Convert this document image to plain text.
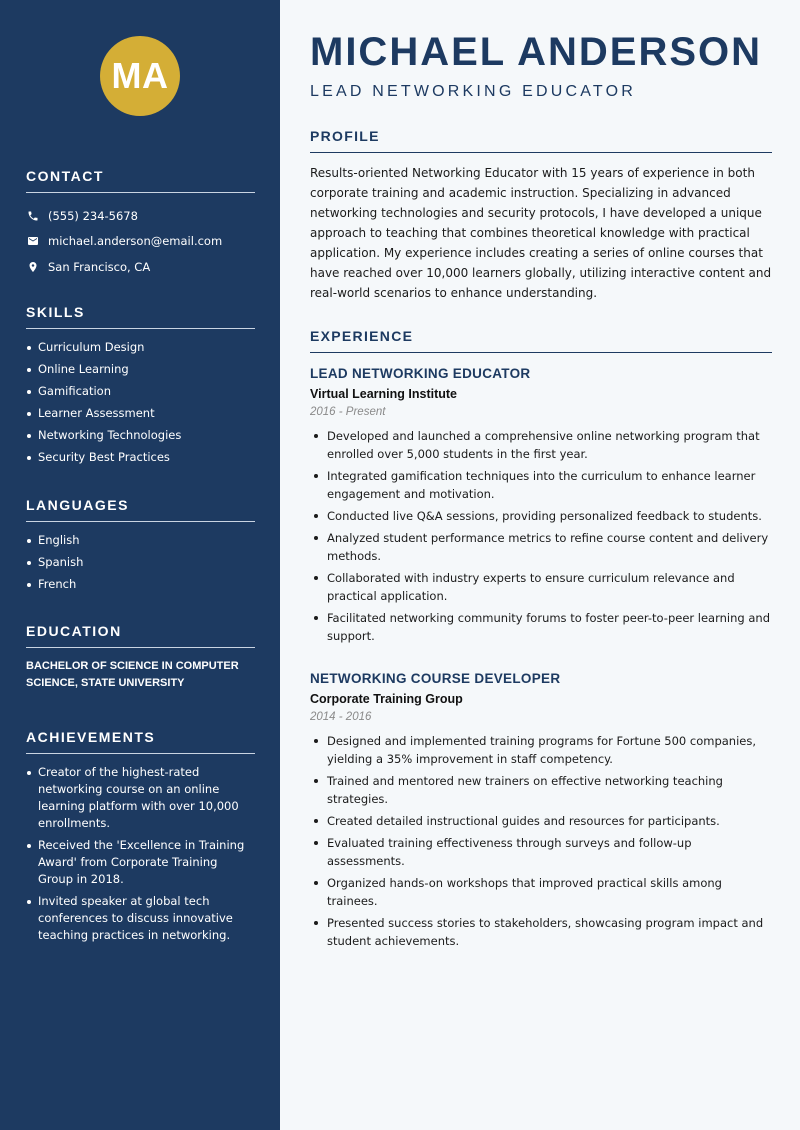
MA
CONTACT
(555) 234-5678
michael.anderson@email.com
San Francisco, CA
SKILLS
Curriculum Design
Online Learning
Gamification
Learner Assessment
Networking Technologies
Security Best Practices
LANGUAGES
English
Spanish
French
EDUCATION
BACHELOR OF SCIENCE IN COMPUTER SCIENCE, STATE UNIVERSITY
ACHIEVEMENTS
Creator of the highest-rated networking course on an online learning platform with over 10,000 enrollments.
Received the 'Excellence in Training Award' from Corporate Training Group in 2018.
Invited speaker at global tech conferences to discuss innovative teaching practices in networking.
MICHAEL ANDERSON
LEAD NETWORKING EDUCATOR
PROFILE
Results-oriented Networking Educator with 15 years of experience in both corporate training and academic instruction. Specializing in advanced networking technologies and security protocols, I have developed a unique approach to teaching that combines theoretical knowledge with practical application. My experience includes creating a series of online courses that have reached over 10,000 learners globally, utilizing interactive content and real-world scenarios to enhance understanding.
EXPERIENCE
LEAD NETWORKING EDUCATOR
Virtual Learning Institute
2016 - Present
Developed and launched a comprehensive online networking program that enrolled over 5,000 students in the first year.
Integrated gamification techniques into the curriculum to enhance learner engagement and motivation.
Conducted live Q&A sessions, providing personalized feedback to students.
Analyzed student performance metrics to refine course content and delivery methods.
Collaborated with industry experts to ensure curriculum relevance and practical application.
Facilitated networking community forums to foster peer-to-peer learning and support.
NETWORKING COURSE DEVELOPER
Corporate Training Group
2014 - 2016
Designed and implemented training programs for Fortune 500 companies, yielding a 35% improvement in staff competency.
Trained and mentored new trainers on effective networking teaching strategies.
Created detailed instructional guides and resources for participants.
Evaluated training effectiveness through surveys and follow-up assessments.
Organized hands-on workshops that improved practical skills among trainees.
Presented success stories to stakeholders, showcasing program impact and student achievements.
